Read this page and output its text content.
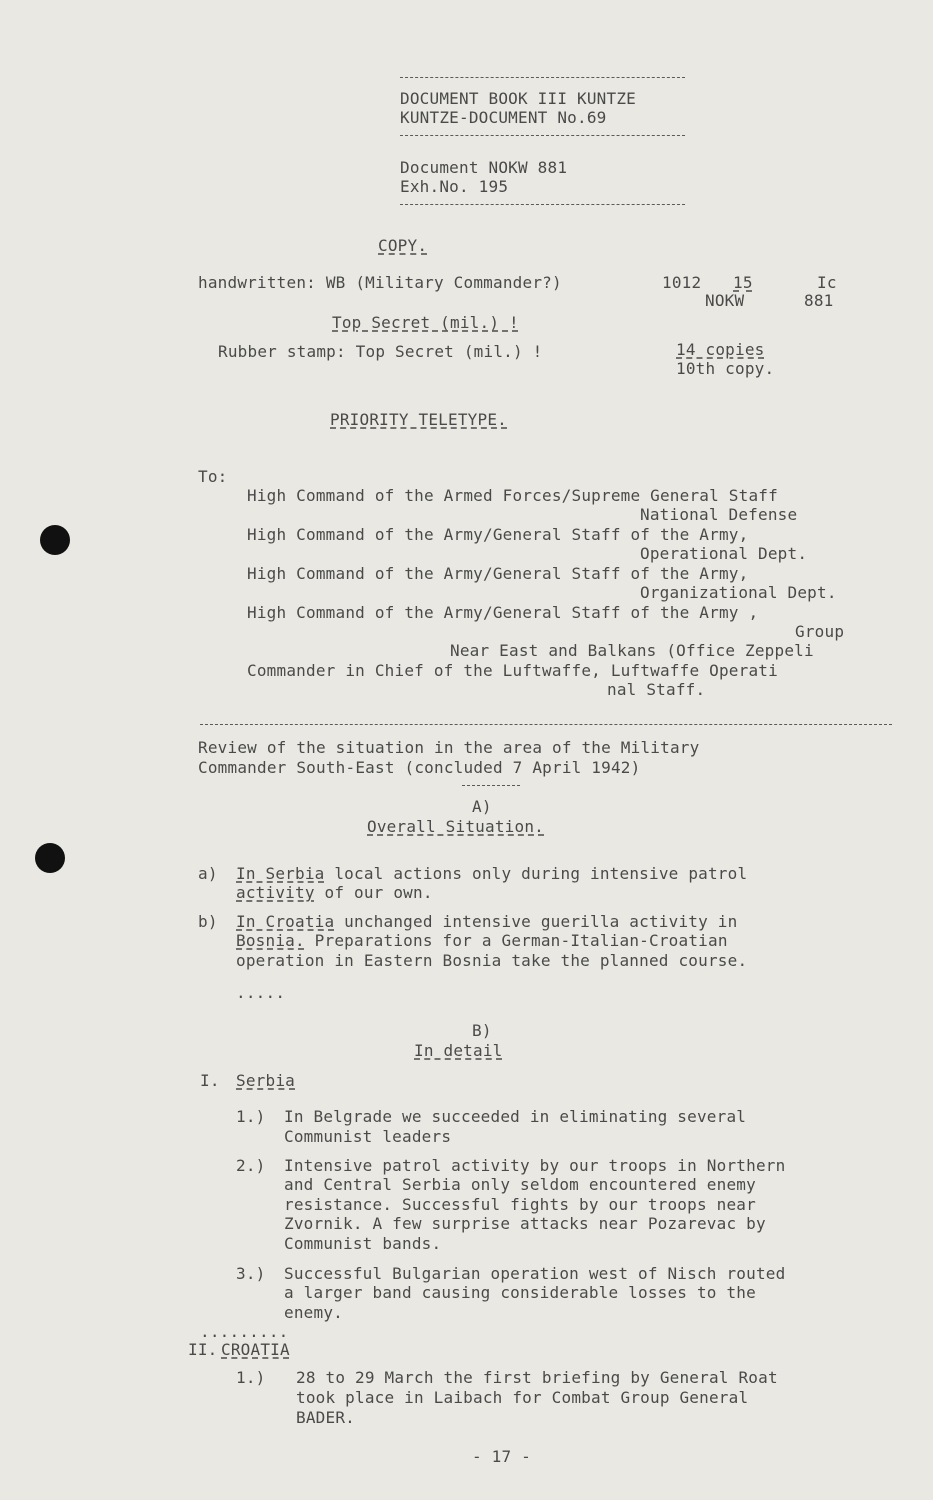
DOCUMENT BOOK III KUNTZE
KUNTZE-DOCUMENT No.69
Document NOKW 881
Exh.No. 195
COPY.
handwritten: WB (Military Commander?)	1012 15	Ic
NOKW	881
Top Secret (mil.) !
Rubber stamp: Top Secret (mil.) !	14 copies
10th copy.
PRIORITY TELETYPE.
To:
High Command of the Armed Forces/Supreme General Staff
National Defense
High Command of the Army/General Staff of the Army,
Operational Dept.
High Command of the Army/General Staff of the Army,
Organizational Dept.
High Command of the Army/General Staff of the Army ,
Group
Near East and Balkans (Office Zeppeli
Commander in Chief of the Luftwaffe, Luftwaffe Operati
nal Staff.
Review of the situation in the area of the Military
Commander South-East (concluded 7 April 1942)
A)
Overall Situation.
a) In Serbia local actions only during intensive patrol
activity of our own.
b) In Croatia unchanged intensive guerilla activity in
Bosnia. Preparations for a German-Italian-Croatian
operation in Eastern Bosnia take the planned course.
.....
B)
In detail
I. Serbia
1.) In Belgrade we succeeded in eliminating several
Communist leaders
2.) Intensive patrol activity by our troops in Northern
and Central Serbia only seldom encountered enemy
resistance. Successful fights by our troops near
Zvornik. A few surprise attacks near Pozarevac by
Communist bands.
3.) Successful Bulgarian operation west of Nisch routed
a larger band causing considerable losses to the
enemy.
.........
II. CROATIA
1.) 28 to 29 March the first briefing by General Roat
took place in Laibach for Combat Group General
BADER.
- 17 -
